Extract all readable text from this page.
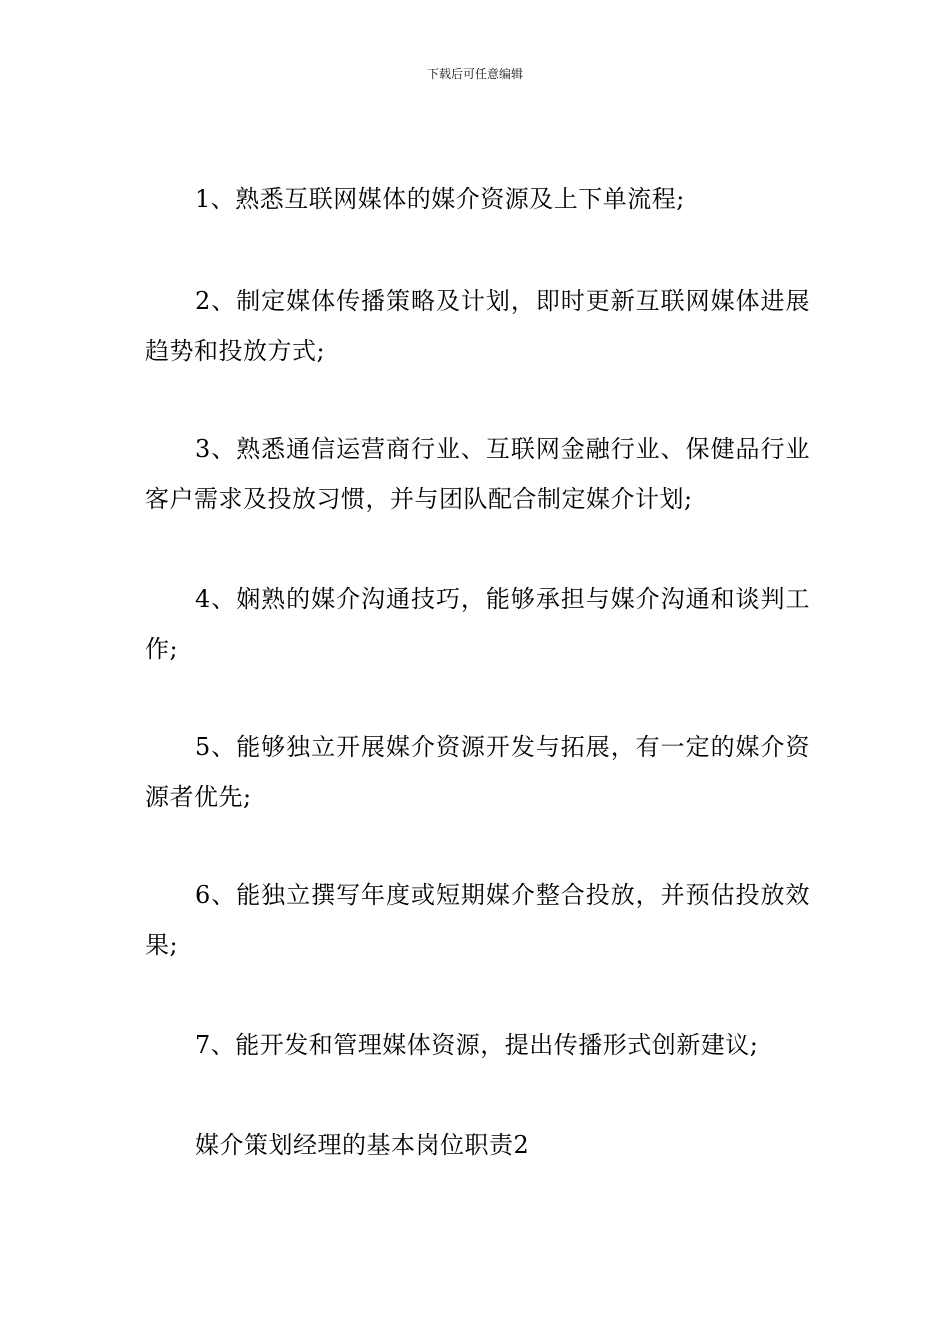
下载后可任意编辑
1、熟悉互联网媒体的媒介资源及上下单流程;
2、制定媒体传播策略及计划，即时更新互联网媒体进展趋势和投放方式;
3、熟悉通信运营商行业、互联网金融行业、保健品行业客户需求及投放习惯，并与团队配合制定媒介计划;
4、娴熟的媒介沟通技巧，能够承担与媒介沟通和谈判工作;
5、能够独立开展媒介资源开发与拓展，有一定的媒介资源者优先;
6、能独立撰写年度或短期媒介整合投放，并预估投放效果;
7、能开发和管理媒体资源，提出传播形式创新建议;
媒介策划经理的基本岗位职责2
